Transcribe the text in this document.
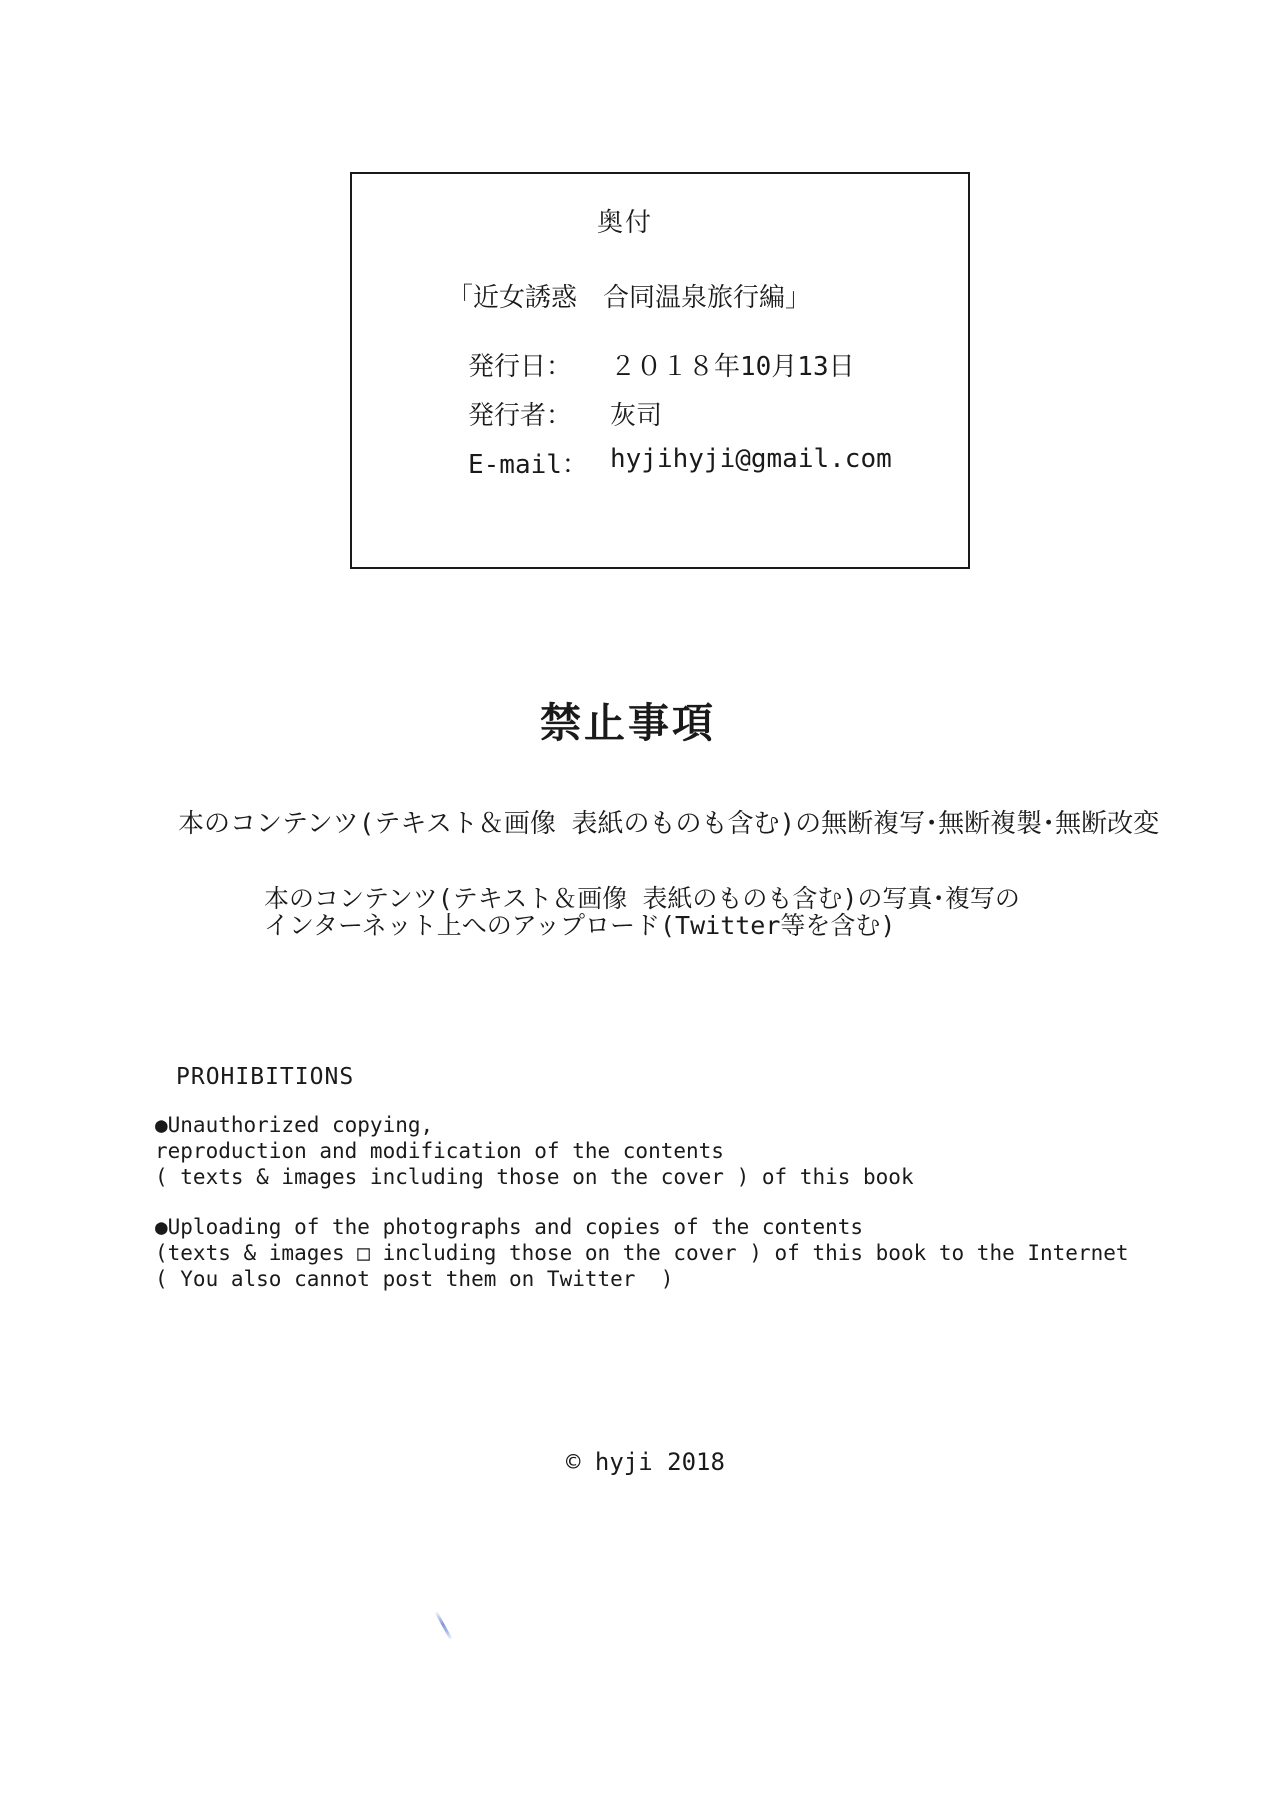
奥付
「近女誘惑　合同温泉旅行編」
発行日：	２０１８年10月13日
発行者：	灰司
E-mail： hyjihyji@gmail.com
禁止事項
本のコンテンツ(テキスト＆画像 表紙のものも含む)の無断複写･無断複製･無断改変
本のコンテンツ(テキスト＆画像 表紙のものも含む)の写真･複写の
インターネット上へのアップロード(Twitter等を含む)
PROHIBITIONS
●Unauthorized copying,
reproduction and modification of the contents
( texts & images including those on the cover ) of this book
●Uploading of the photographs and copies of the contents
(texts & images □ including those on the cover ) of this book to the Internet
( You also cannot post them on Twitter  )
© hyji 2018
